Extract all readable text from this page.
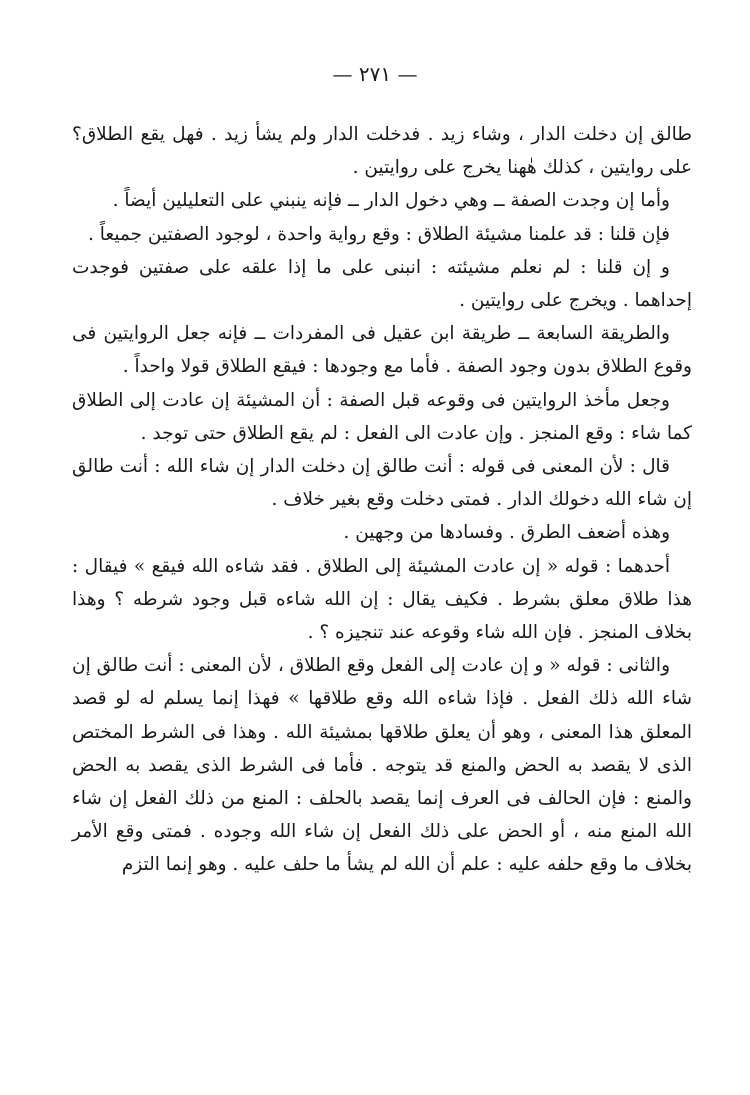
— ٢٧١ —

طالق إن دخلت الدار ، وشاء زيد . فدخلت الدار ولم يشأ زيد . فهل يقع الطلاق؟ على روايتين ، كذلك هٰهنا يخرج على روايتين .

وأما إن وجدت الصفة ــ وهي دخول الدار ــ فإنه ينبني على التعليلين أيضاً .

فإن قلنا : قد علمنا مشيئة الطلاق : وقع رواية واحدة ، لوجود الصفتين جميعاً .

و إن قلنا : لم نعلم مشيئته : انبنى على ما إذا علقه على صفتين فوجدت إحداهما . ويخرج على روايتين .

والطريقة السابعة ــ طريقة ابن عقيل فى المفردات ــ فإنه جعل الروايتين فى وقوع الطلاق بدون وجود الصفة . فأما مع وجودها : فيقع الطلاق قولا واحداً .

وجعل مأخذ الروايتين فى وقوعه قبل الصفة : أن المشيئة إن عادت إلى الطلاق كما شاء : وقع المنجز . وإن عادت الى الفعل : لم يقع الطلاق حتى توجد .

قال : لأن المعنى فى قوله : أنت طالق إن دخلت الدار إن شاء الله : أنت طالق إن شاء الله دخولك الدار . فمتى دخلت وقع بغير خلاف .

وهذه أضعف الطرق . وفسادها من وجهين .

أحدهما : قوله « إن عادت المشيئة إلى الطلاق . فقد شاءه الله فيقع » فيقال : هذا طلاق معلق بشرط . فكيف يقال : إن الله شاءه قبل وجود شرطه ؟ وهذا بخلاف المنجز . فإن الله شاء وقوعه عند تنجيزه ؟ .

والثانى : قوله « و إن عادت إلى الفعل وقع الطلاق ، لأن المعنى : أنت طالق إن شاء الله ذلك الفعل . فإذا شاءه الله وقع طلاقها » فهذا إنما يسلم له لو قصد المعلق هذا المعنى ، وهو أن يعلق طلاقها بمشيئة الله . وهذا فى الشرط المختص الذى لا يقصد به الحض والمنع قد يتوجه . فأما فى الشرط الذى يقصد به الحض والمنع : فإن الحالف فى العرف إنما يقصد بالحلف : المنع من ذلك الفعل إن شاء الله المنع منه ، أو الحض على ذلك الفعل إن شاء الله وجوده . فمتى وقع الأمر بخلاف ما وقع حلفه عليه : علم أن الله لم يشأ ما حلف عليه . وهو إنما التزم
